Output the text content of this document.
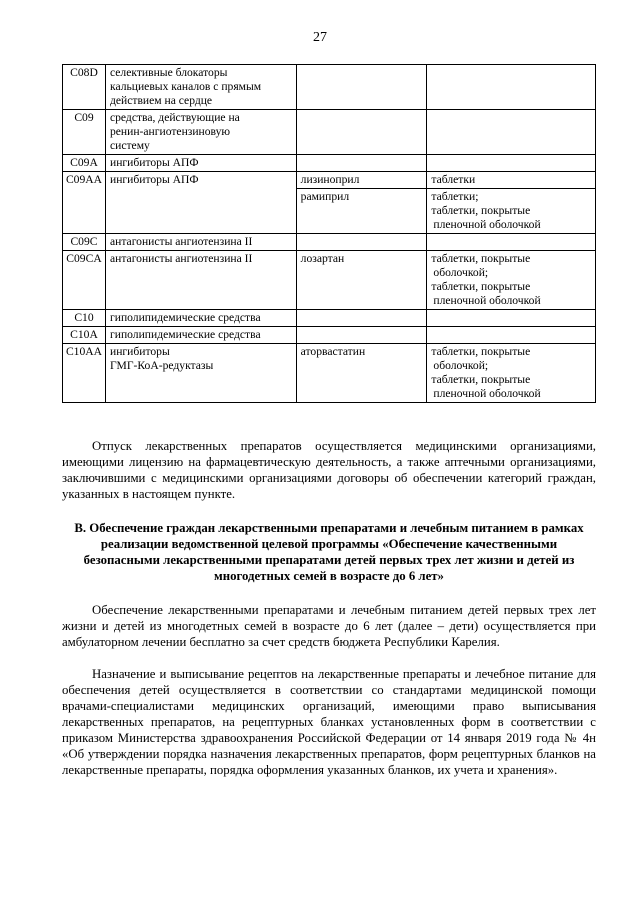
27
C08D	селективные блокаторы
кальциевых каналов с прямым
действием на сердце		

C09	средства, действующие на
ренин-ангиотензиновую
систему		

C09A	ингибиторы АПФ		

C09AA	ингибиторы АПФ	лизиноприл	таблетки

		рамиприл	таблетки;
таблетки, покрытые
пленочной оболочкой

C09C	антагонисты ангиотензина II		

C09CA	антагонисты ангиотензина II	лозартан	таблетки, покрытые
оболочкой;
таблетки, покрытые
пленочной оболочкой

C10	гиполипидемические средства		

C10A	гиполипидемические средства		

C10AA	ингибиторы
ГМГ-КоА-редуктазы	аторвастатин	таблетки, покрытые
оболочкой;
таблетки, покрытые
пленочной оболочкой

Отпуск лекарственных препаратов осуществляется медицинскими организациями, имеющими лицензию на фармацевтическую деятельность, а также аптечными организациями, заключившими с медицинскими организациями договоры об обеспечении категорий граждан, указанных в настоящем пункте.

В. Обеспечение граждан лекарственными препаратами и лечебным питанием в рамках реализации ведомственной целевой программы «Обеспечение качественными безопасными лекарственными препаратами детей первых трех лет жизни и детей из многодетных семей в возрасте до 6 лет»

Обеспечение лекарственными препаратами и лечебным питанием детей первых трех лет жизни и детей из многодетных семей в возрасте до 6 лет (далее – дети) осуществляется при амбулаторном лечении бесплатно за счет средств бюджета Республики Карелия.

Назначение и выписывание рецептов на лекарственные препараты и лечебное питание для обеспечения детей осуществляется в соответствии со стандартами медицинской помощи врачами-специалистами медицинских организаций, имеющими право выписывания лекарственных препаратов, на рецептурных бланках установленных форм в соответствии с приказом Министерства здравоохранения Российской Федерации от 14 января 2019 года № 4н «Об утверждении порядка назначения лекарственных препаратов, форм рецептурных бланков на лекарственные препараты, порядка оформления указанных бланков, их учета и хранения».
